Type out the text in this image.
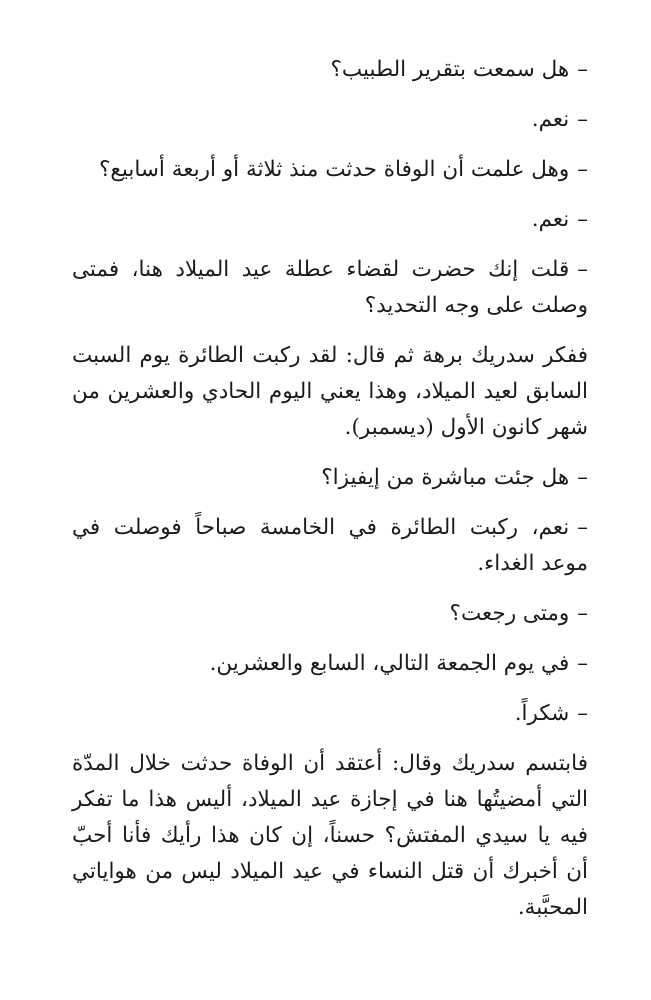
–هل سمعت بتقرير الطبيب؟

–نعم.

–وهل علمت أن الوفاة حدثت منذ ثلاثة أو أربعة أسابيع؟

–نعم.

–قلت إنك حضرت لقضاء عطلة عيد الميلاد هنا، فمتى وصلت على وجه التحديد؟

ففكر سدريك برهة ثم قال: لقد ركبت الطائرة يوم السبت السابق لعيد الميلاد، وهذا يعني اليوم الحادي والعشرين من شهر كانون الأول (ديسمبر).

–هل جئت مباشرة من إيفيزا؟

–نعم، ركبت الطائرة في الخامسة صباحاً فوصلت في موعد الغداء.

–ومتى رجعت؟

–في يوم الجمعة التالي، السابع والعشرين.

–شكراً.

فابتسم سدريك وقال: أعتقد أن الوفاة حدثت خلال المدّة التي أمضيتُها هنا في إجازة عيد الميلاد، أليس هذا ما تفكر فيه يا سيدي المفتش؟ حسناً، إن كان هذا رأيك فأنا أحبّ أن أخبرك أن قتل النساء في عيد الميلاد ليس من هواياتي المحبَّبة.
